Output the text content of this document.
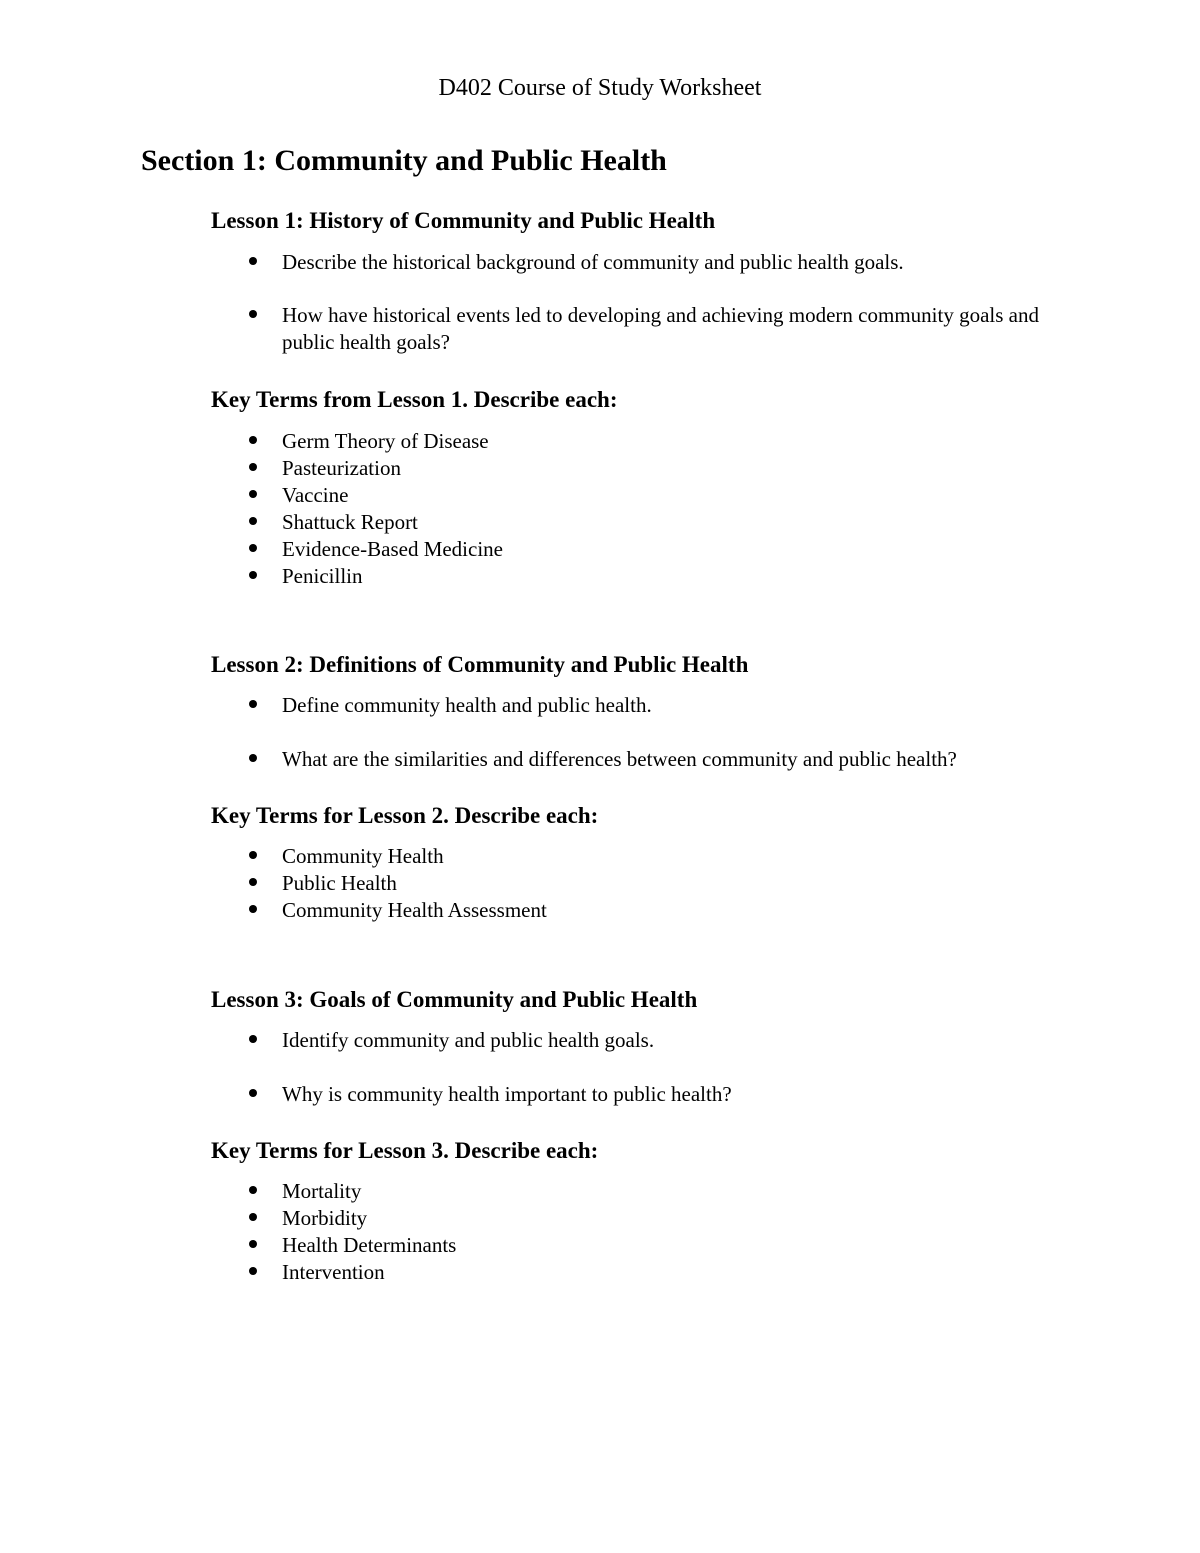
D402 Course of Study Worksheet
Section 1: Community and Public Health
Lesson 1: History of Community and Public Health
Describe the historical background of community and public health goals.
How have historical events led to developing and achieving modern community goals and public health goals?
Key Terms from Lesson 1. Describe each:
Germ Theory of Disease
Pasteurization
Vaccine
Shattuck Report
Evidence-Based Medicine
Penicillin
Lesson 2: Definitions of Community and Public Health
Define community health and public health.
What are the similarities and differences between community and public health?
Key Terms for Lesson 2. Describe each:
Community Health
Public Health
Community Health Assessment
Lesson 3: Goals of Community and Public Health
Identify community and public health goals.
Why is community health important to public health?
Key Terms for Lesson 3. Describe each:
Mortality
Morbidity
Health Determinants
Intervention
